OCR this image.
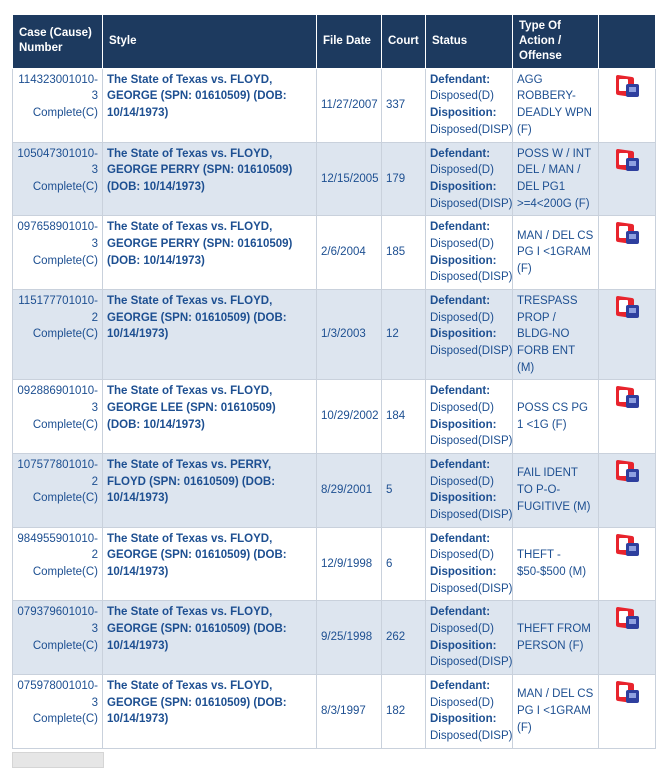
Case (Cause) Number	Style	File Date	Court	Status	Type Of Action / Offense	
114323001010-
3
Complete(C)	The State of Texas vs. FLOYD, GEORGE (SPN: 01610509) (DOB: 10/14/1973)	11/27/2007	337	Defendant:
Disposed(D)
Disposition:
Disposed(DISP)	AGG ROBBERY-DEADLY WPN (F)	

105047301010-
3
Complete(C)	The State of Texas vs. FLOYD, GEORGE PERRY (SPN: 01610509) (DOB: 10/14/1973)	12/15/2005	179	Defendant:
Disposed(D)
Disposition:
Disposed(DISP)	POSS W / INT DEL / MAN / DEL PG1 >=4<200G (F)	

097658901010-
3
Complete(C)	The State of Texas vs. FLOYD, GEORGE PERRY (SPN: 01610509) (DOB: 10/14/1973)	2/6/2004	185	Defendant:
Disposed(D)
Disposition:
Disposed(DISP)	MAN / DEL CS PG I <1GRAM (F)	

115177701010-
2
Complete(C)	The State of Texas vs. FLOYD, GEORGE (SPN: 01610509) (DOB: 10/14/1973)	1/3/2003	12	Defendant:
Disposed(D)
Disposition:
Disposed(DISP)	TRESPASS PROP / BLDG-NO FORB ENT (M)	

092886901010-
3
Complete(C)	The State of Texas vs. FLOYD, GEORGE LEE (SPN: 01610509) (DOB: 10/14/1973)	10/29/2002	184	Defendant:
Disposed(D)
Disposition:
Disposed(DISP)	POSS CS PG 1 <1G (F)	

107577801010-
2
Complete(C)	The State of Texas vs. PERRY, FLOYD (SPN: 01610509) (DOB: 10/14/1973)	8/29/2001	5	Defendant:
Disposed(D)
Disposition:
Disposed(DISP)	FAIL IDENT TO P-O-FUGITIVE (M)	

984955901010-
2
Complete(C)	The State of Texas vs. FLOYD, GEORGE (SPN: 01610509) (DOB: 10/14/1973)	12/9/1998	6	Defendant:
Disposed(D)
Disposition:
Disposed(DISP)	THEFT - $50-$500 (M)	

079379601010-
3
Complete(C)	The State of Texas vs. FLOYD, GEORGE (SPN: 01610509) (DOB: 10/14/1973)	9/25/1998	262	Defendant:
Disposed(D)
Disposition:
Disposed(DISP)	THEFT FROM PERSON (F)	

075978001010-
3
Complete(C)	The State of Texas vs. FLOYD, GEORGE (SPN: 01610509) (DOB: 10/14/1973)	8/3/1997	182	Defendant:
Disposed(D)
Disposition:
Disposed(DISP)	MAN / DEL CS PG I <1GRAM (F)	
